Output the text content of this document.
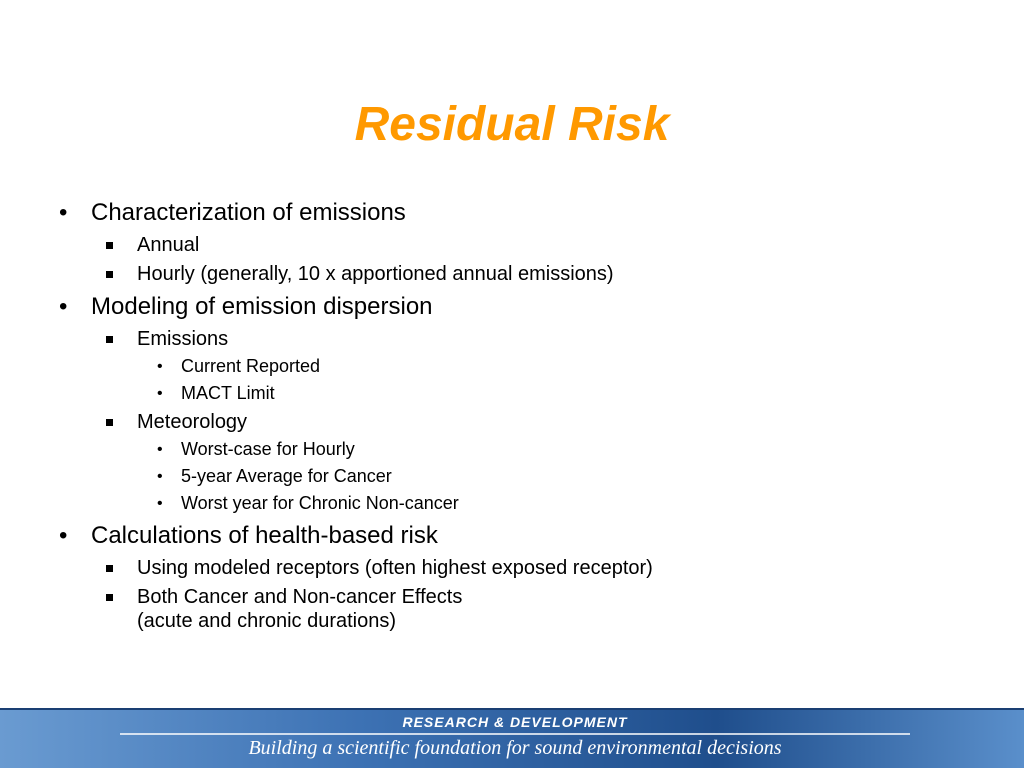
Residual Risk
• Characterization of emissions
Annual
Hourly (generally, 10 x apportioned annual emissions)
• Modeling of emission dispersion
Emissions
• Current Reported
• MACT Limit
Meteorology
• Worst-case for Hourly
• 5-year Average for Cancer
• Worst year for Chronic Non-cancer
• Calculations of health-based risk
Using modeled receptors (often highest exposed receptor)
Both Cancer and Non-cancer Effects
(acute and chronic durations)
RESEARCH & DEVELOPMENT
Building a scientific foundation for sound environmental decisions
